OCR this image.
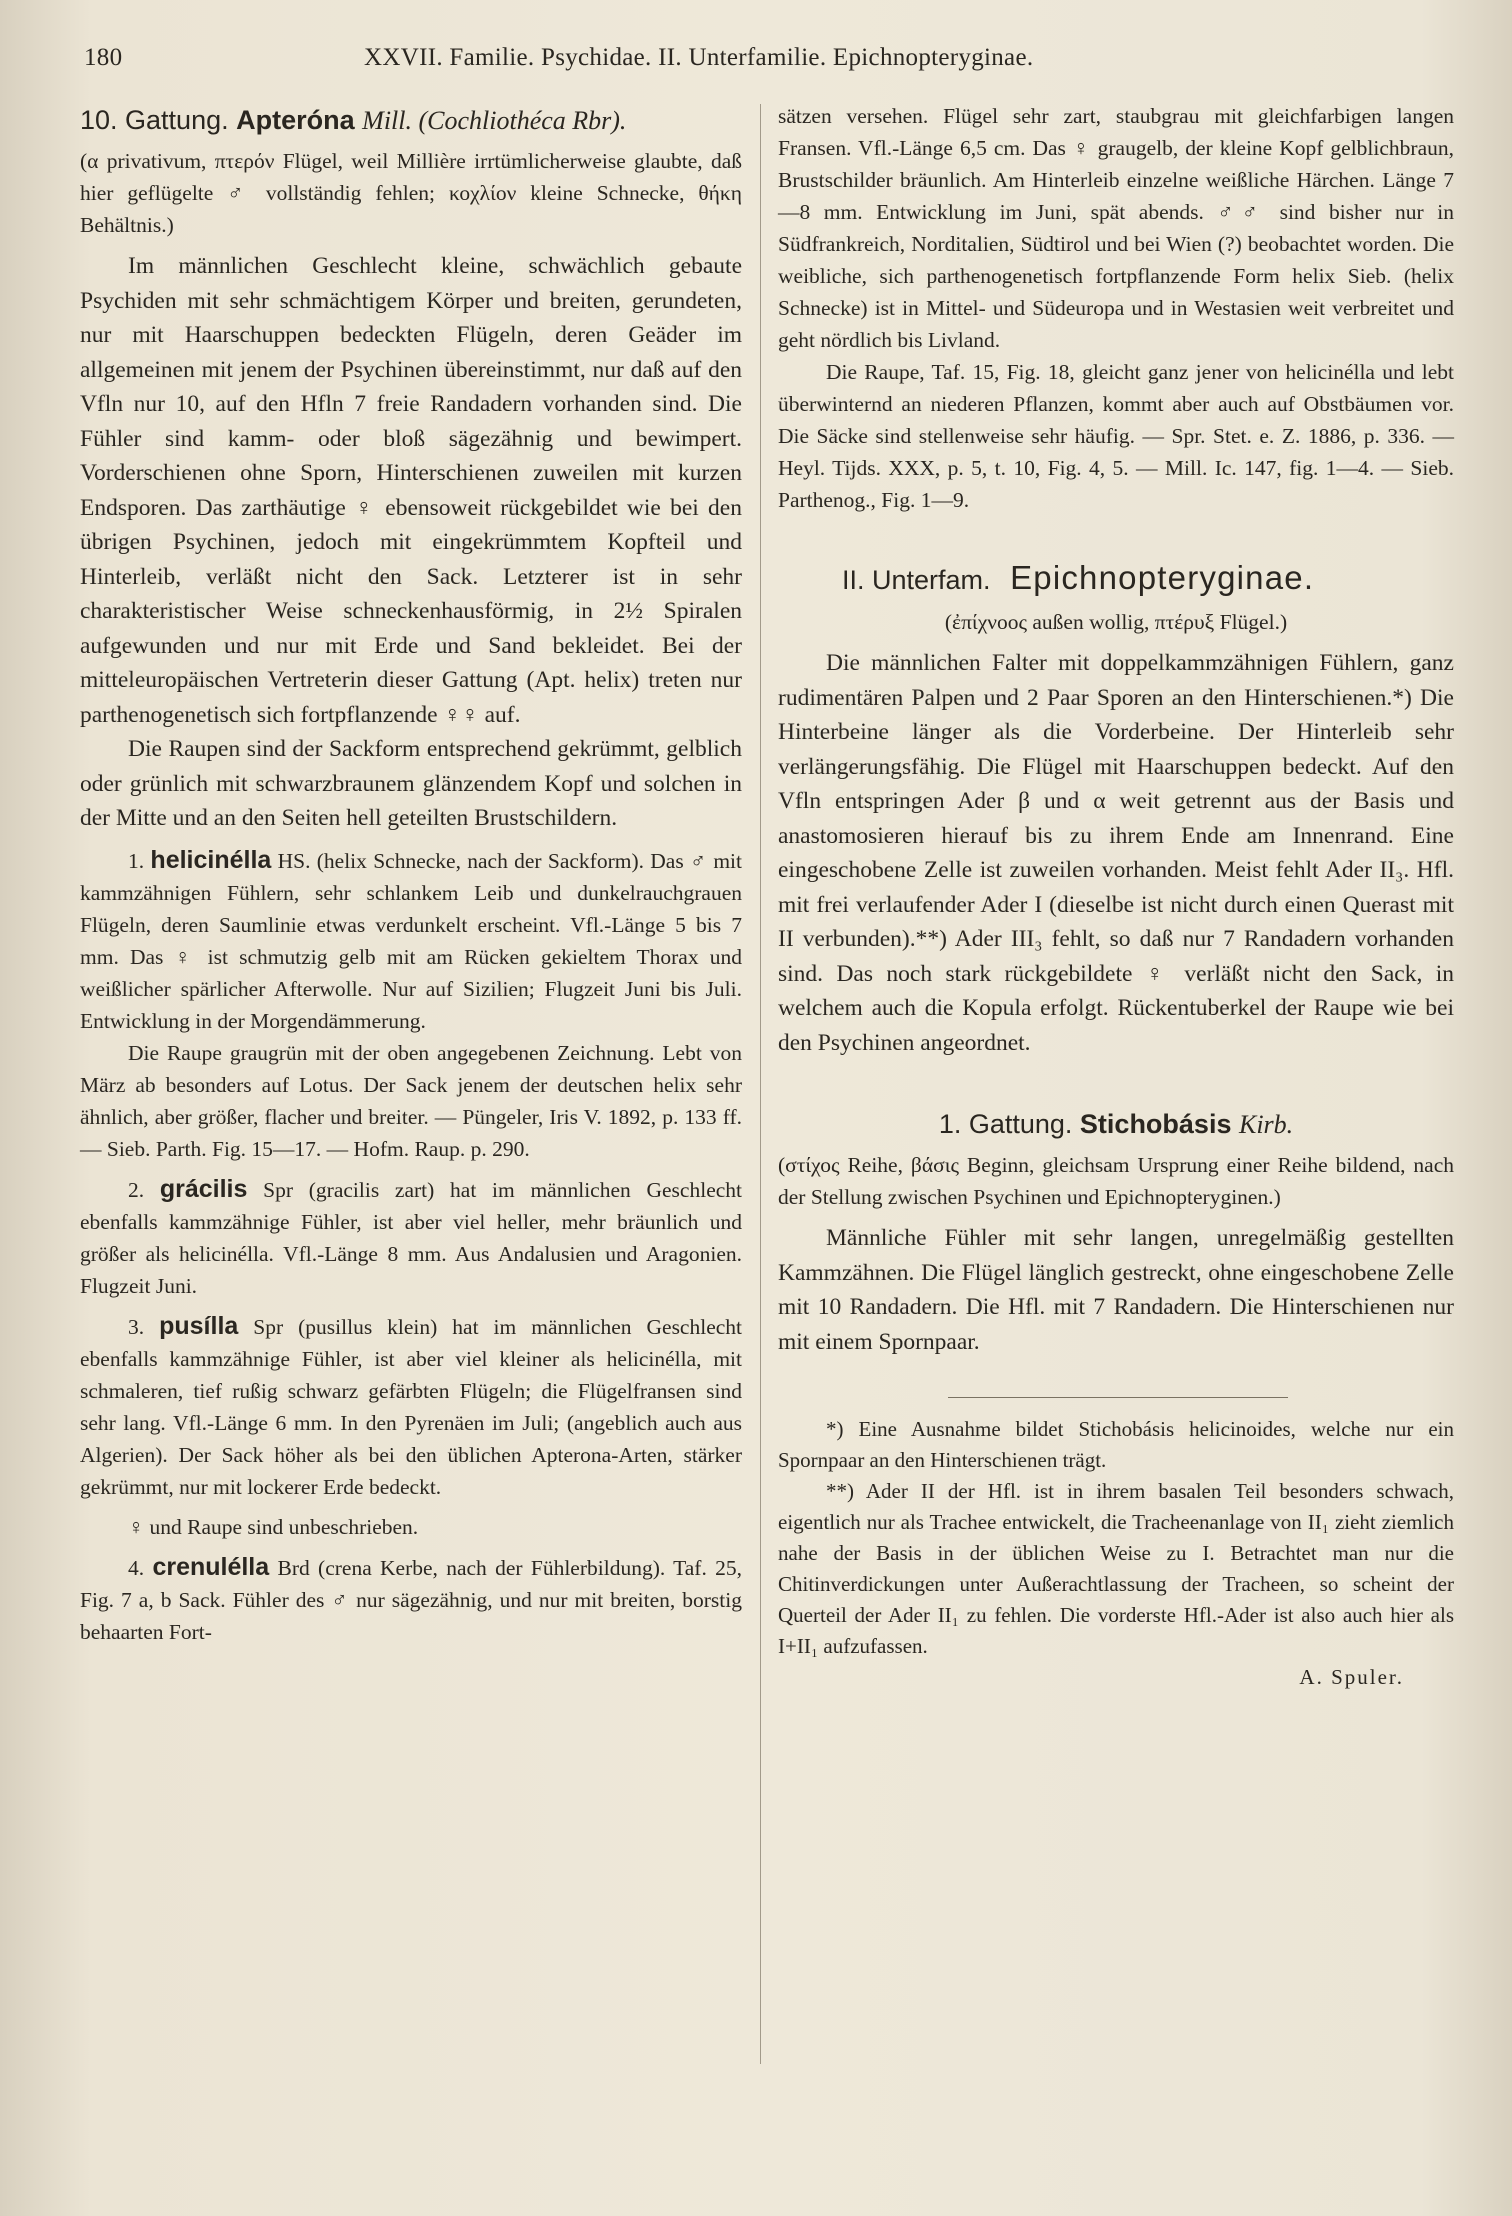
180	XXVII. Familie. Psychidae. II. Unterfamilie. Epichnopteryginae.

10. Gattung. Apteróna Mill. (Cochliothéca Rbr).

(α privativum, πτερόν Flügel, weil Millière irrtümlicherweise glaubte, daß hier geflügelte ♂ vollständig fehlen; κοχλίον kleine Schnecke, θήκη Behältnis.)

Im männlichen Geschlecht kleine, schwächlich gebaute Psychiden mit sehr schmächtigem Körper und breiten, gerundeten, nur mit Haarschuppen bedeckten Flügeln, deren Geäder im allgemeinen mit jenem der Psychinen übereinstimmt, nur daß auf den Vfln nur 10, auf den Hfln 7 freie Randadern vorhanden sind. Die Fühler sind kamm- oder bloß sägezähnig und bewimpert. Vorderschienen ohne Sporn, Hinterschienen zuweilen mit kurzen Endsporen. Das zarthäutige ♀ ebensoweit rückgebildet wie bei den übrigen Psychinen, jedoch mit eingekrümmtem Kopfteil und Hinterleib, verläßt nicht den Sack. Letzterer ist in sehr charakteristischer Weise schneckenhausförmig, in 2½ Spiralen aufgewunden und nur mit Erde und Sand bekleidet. Bei der mitteleuropäischen Vertreterin dieser Gattung (Apt. helix) treten nur parthenogenetisch sich fortpflanzende ♀♀ auf.

Die Raupen sind der Sackform entsprechend gekrümmt, gelblich oder grünlich mit schwarzbraunem glänzendem Kopf und solchen in der Mitte und an den Seiten hell geteilten Brustschildern.

1. helicinélla HS. (helix Schnecke, nach der Sackform). Das ♂ mit kammzähnigen Fühlern, sehr schlankem Leib und dunkelrauchgrauen Flügeln, deren Saumlinie etwas verdunkelt erscheint. Vfl.-Länge 5 bis 7 mm. Das ♀ ist schmutzig gelb mit am Rücken gekieltem Thorax und weißlicher spärlicher Afterwolle. Nur auf Sizilien; Flugzeit Juni bis Juli. Entwicklung in der Morgendämmerung.

Die Raupe graugrün mit der oben angegebenen Zeichnung. Lebt von März ab besonders auf Lotus. Der Sack jenem der deutschen helix sehr ähnlich, aber größer, flacher und breiter. — Püngeler, Iris V. 1892, p. 133 ff. — Sieb. Parth. Fig. 15—17. — Hofm. Raup. p. 290.

2. grácilis Spr (gracilis zart) hat im männlichen Geschlecht ebenfalls kammzähnige Fühler, ist aber viel heller, mehr bräunlich und größer als helicinélla. Vfl.-Länge 8 mm. Aus Andalusien und Aragonien. Flugzeit Juni.

3. pusílla Spr (pusillus klein) hat im männlichen Geschlecht ebenfalls kammzähnige Fühler, ist aber viel kleiner als helicinélla, mit schmaleren, tief rußig schwarz gefärbten Flügeln; die Flügelfransen sind sehr lang. Vfl.-Länge 6 mm. In den Pyrenäen im Juli; (angeblich auch aus Algerien). Der Sack höher als bei den üblichen Apterona-Arten, stärker gekrümmt, nur mit lockerer Erde bedeckt.

♀ und Raupe sind unbeschrieben.

4. crenulélla Brd (crena Kerbe, nach der Fühlerbildung). Taf. 25, Fig. 7 a, b Sack. Fühler des ♂ nur sägezähnig, und nur mit breiten, borstig behaarten Fort-

sätzen versehen. Flügel sehr zart, staubgrau mit gleichfarbigen langen Fransen. Vfl.-Länge 6,5 cm. Das ♀ graugelb, der kleine Kopf gelblichbraun, Brustschilder bräunlich. Am Hinterleib einzelne weißliche Härchen. Länge 7—8 mm. Entwicklung im Juni, spät abends. ♂♂ sind bisher nur in Südfrankreich, Norditalien, Südtirol und bei Wien (?) beobachtet worden. Die weibliche, sich parthenogenetisch fortpflanzende Form helix Sieb. (helix Schnecke) ist in Mittel- und Südeuropa und in Westasien weit verbreitet und geht nördlich bis Livland.

Die Raupe, Taf. 15, Fig. 18, gleicht ganz jener von helicinélla und lebt überwinternd an niederen Pflanzen, kommt aber auch auf Obstbäumen vor. Die Säcke sind stellenweise sehr häufig. — Spr. Stet. e. Z. 1886, p. 336. — Heyl. Tijds. XXX, p. 5, t. 10, Fig. 4, 5. — Mill. Ic. 147, fig. 1—4. — Sieb. Parthenog., Fig. 1—9.

II. Unterfam. Epichnopteryginae.

(ἐπίχνοος außen wollig, πτέρυξ Flügel.)

Die männlichen Falter mit doppelkammzähnigen Fühlern, ganz rudimentären Palpen und 2 Paar Sporen an den Hinterschienen.*) Die Hinterbeine länger als die Vorderbeine. Der Hinterleib sehr verlängerungsfähig. Die Flügel mit Haarschuppen bedeckt. Auf den Vfln entspringen Ader β und α weit getrennt aus der Basis und anastomosieren hierauf bis zu ihrem Ende am Innenrand. Eine eingeschobene Zelle ist zuweilen vorhanden. Meist fehlt Ader II₃. Hfl. mit frei verlaufender Ader I (dieselbe ist nicht durch einen Querast mit II verbunden).**) Ader III₃ fehlt, so daß nur 7 Randadern vorhanden sind. Das noch stark rückgebildete ♀ verläßt nicht den Sack, in welchem auch die Kopula erfolgt. Rückentuberkel der Raupe wie bei den Psychinen angeordnet.

1. Gattung. Stichobásis Kirb.

(στίχος Reihe, βάσις Beginn, gleichsam Ursprung einer Reihe bildend, nach der Stellung zwischen Psychinen und Epichnopteryginen.)

Männliche Fühler mit sehr langen, unregelmäßig gestellten Kammzähnen. Die Flügel länglich gestreckt, ohne eingeschobene Zelle mit 10 Randadern. Die Hfl. mit 7 Randadern. Die Hinterschienen nur mit einem Spornpaar.

*) Eine Ausnahme bildet Stichobásis helicinoides, welche nur ein Spornpaar an den Hinterschienen trägt.

**) Ader II der Hfl. ist in ihrem basalen Teil besonders schwach, eigentlich nur als Trachee entwickelt, die Tracheenanlage von II₁ zieht ziemlich nahe der Basis in der üblichen Weise zu I. Betrachtet man nur die Chitinverdickungen unter Außerachtlassung der Tracheen, so scheint der Querteil der Ader II₁ zu fehlen. Die vorderste Hfl.-Ader ist also auch hier als I+II₁ aufzufassen.

A. Spuler.
